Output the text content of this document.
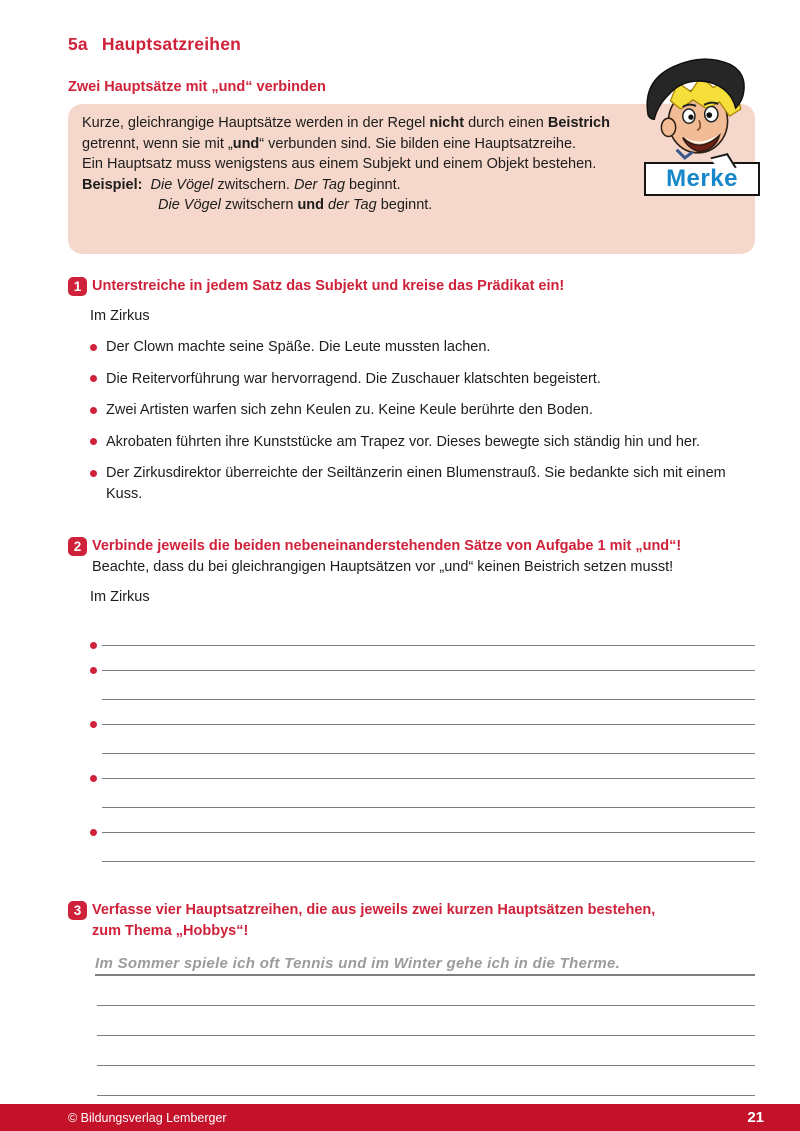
5a Hauptsatzreihen
Zwei Hauptsätze mit „und“ verbinden

Kurze, gleichrangige Hauptsätze werden in der Regel nicht durch einen Beistrich getrennt, wenn sie mit „und“ verbunden sind. Sie bilden eine Hauptsatzreihe.

Ein Hauptsatz muss wenigstens aus einem Subjekt und einem Objekt bestehen.

Beispiel: Die Vögel zwitschern. Der Tag beginnt.

Die Vögel zwitschern und der Tag beginnt.

1 Unterstreiche in jedem Satz das Subjekt und kreise das Prädikat ein!
Im Zirkus
Der Clown machte seine Späße. Die Leute mussten lachen.
Die Reitervorführung war hervorragend. Die Zuschauer klatschten begeistert.
Zwei Artisten warfen sich zehn Keulen zu. Keine Keule berührte den Boden.
Akrobaten führten ihre Kunststücke am Trapez vor. Dieses bewegte sich ständig hin und her.
Der Zirkusdirektor überreichte der Seiltänzerin einen Blumenstrauß. Sie bedankte sich mit einem Kuss.
2 Verbinde jeweils die beiden nebeneinanderstehenden Sätze von Aufgabe 1 mit „und“!
Beachte, dass du bei gleichrangigen Hauptsätzen vor „und“ keinen Beistrich setzen musst!
Im Zirkus
3 Verfasse vier Hauptsatzreihen, die aus jeweils zwei kurzen Hauptsätzen bestehen,
zum Thema „Hobbys“!
Im Sommer spiele ich oft Tennis und im Winter gehe ich in die Therme.
Merke
© Bildungsverlag Lemberger	21
